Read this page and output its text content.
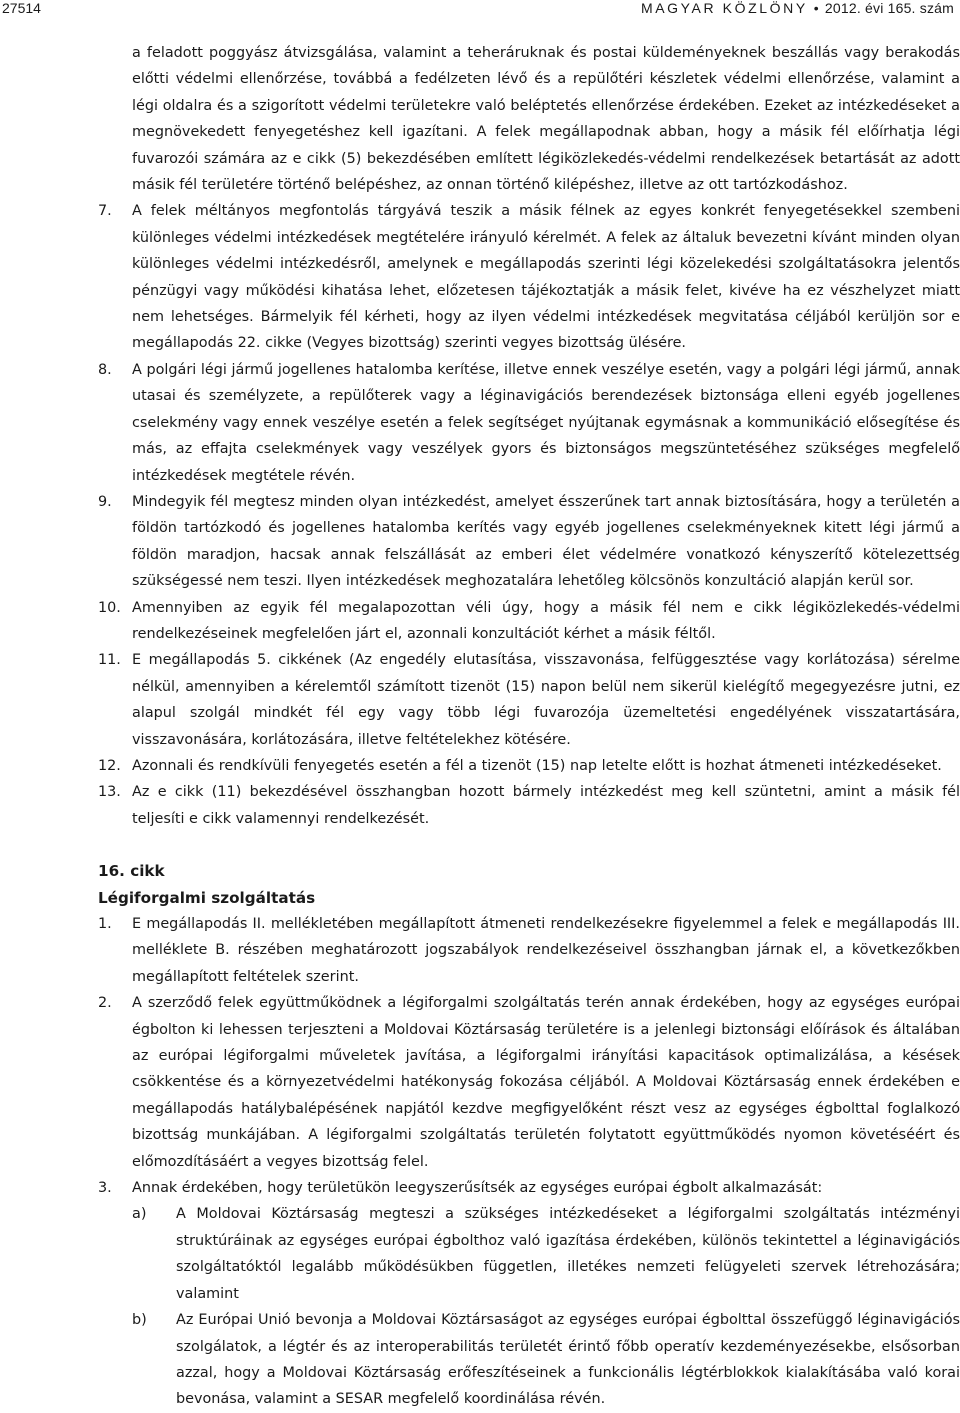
27514	MAGYAR KÖZLÖNY • 2012. évi 165. szám

a feladott poggyász átvizsgálása, valamint a teheráruknak és postai küldeményeknek beszállás vagy berakodás előtti védelmi ellenőrzése, továbbá a fedélzeten lévő és a repülőtéri készletek védelmi ellenőrzése, valamint a légi oldalra és a szigorított védelmi területekre való beléptetés ellenőrzése érdekében. Ezeket az intézkedéseket a megnövekedett fenyegetéshez kell igazítani. A felek megállapodnak abban, hogy a másik fél előírhatja légi fuvarozói számára az e cikk (5) bekezdésében említett légiközlekedés-védelmi rendelkezések betartását az adott másik fél területére történő belépéshez, az onnan történő kilépéshez, illetve az ott tartózkodáshoz.

7.	A felek méltányos megfontolás tárgyává teszik a másik félnek az egyes konkrét fenyegetésekkel szembeni különleges védelmi intézkedések megtételére irányuló kérelmét. A felek az általuk bevezetni kívánt minden olyan különleges védelmi intézkedésről, amelynek e megállapodás szerinti légi közelekedési szolgáltatásokra jelentős pénzügyi vagy működési kihatása lehet, előzetesen tájékoztatják a másik felet, kivéve ha ez vészhelyzet miatt nem lehetséges. Bármelyik fél kérheti, hogy az ilyen védelmi intézkedések megvitatása céljából kerüljön sor e megállapodás 22. cikke (Vegyes bizottság) szerinti vegyes bizottság ülésére.

8.	A polgári légi jármű jogellenes hatalomba kerítése, illetve ennek veszélye esetén, vagy a polgári légi jármű, annak utasai és személyzete, a repülőterek vagy a léginavigációs berendezések biztonsága elleni egyéb jogellenes cselekmény vagy ennek veszélye esetén a felek segítséget nyújtanak egymásnak a kommunikáció elősegítése és más, az effajta cselekmények vagy veszélyek gyors és biztonságos megszüntetéséhez szükséges megfelelő intézkedések megtétele révén.

9.	Mindegyik fél megtesz minden olyan intézkedést, amelyet ésszerűnek tart annak biztosítására, hogy a területén a földön tartózkodó és jogellenes hatalomba kerítés vagy egyéb jogellenes cselekményeknek kitett légi jármű a földön maradjon, hacsak annak felszállását az emberi élet védelmére vonatkozó kényszerítő kötelezettség szükségessé nem teszi. Ilyen intézkedések meghozatalára lehetőleg kölcsönös konzultáció alapján kerül sor.

10. Amennyiben az egyik fél megalapozottan véli úgy, hogy a másik fél nem e cikk légiközlekedés-védelmi rendelkezéseinek megfelelően járt el, azonnali konzultációt kérhet a másik féltől.

11. E megállapodás 5. cikkének (Az engedély elutasítása, visszavonása, felfüggesztése vagy korlátozása) sérelme nélkül, amennyiben a kérelemtől számított tizenöt (15) napon belül nem sikerül kielégítő megegyezésre jutni, ez alapul szolgál mindkét fél egy vagy több légi fuvarozója üzemeltetési engedélyének visszatartására, visszavonására, korlátozására, illetve feltételekhez kötésére.

12. Azonnali és rendkívüli fenyegetés esetén a fél a tizenöt (15) nap letelte előtt is hozhat átmeneti intézkedéseket.

13. Az e cikk (11) bekezdésével összhangban hozott bármely intézkedést meg kell szüntetni, amint a másik fél teljesíti e cikk valamennyi rendelkezését.

16. cikk

Légiforgalmi szolgáltatás

1.	E megállapodás II. mellékletében megállapított átmeneti rendelkezésekre figyelemmel a felek e megállapodás III. melléklete B. részében meghatározott jogszabályok rendelkezéseivel összhangban járnak el, a következőkben megállapított feltételek szerint.

2.	A szerződő felek együttműködnek a légiforgalmi szolgáltatás terén annak érdekében, hogy az egységes európai égbolton ki lehessen terjeszteni a Moldovai Köztársaság területére is a jelenlegi biztonsági előírások és általában az európai légiforgalmi műveletek javítása, a légiforgalmi irányítási kapacitások optimalizálása, a késések csökkentése és a környezetvédelmi hatékonyság fokozása céljából. A Moldovai Köztársaság ennek érdekében e megállapodás hatálybalépésének napjától kezdve megfigyelőként részt vesz az egységes égbolttal foglalkozó bizottság munkájában. A légiforgalmi szolgáltatás területén folytatott együttműködés nyomon követéséért és előmozdításáért a vegyes bizottság felel.

3.	Annak érdekében, hogy területükön leegyszerűsítsék az egységes európai égbolt alkalmazását:

a)	A Moldovai Köztársaság megteszi a szükséges intézkedéseket a légiforgalmi szolgáltatás intézményi struktúráinak az egységes európai égbolthoz való igazítása érdekében, különös tekintettel a léginavigációs szolgáltatóktól legalább működésükben független, illetékes nemzeti felügyeleti szervek létrehozására; valamint

b)	Az Európai Unió bevonja a Moldovai Köztársaságot az egységes európai égbolttal összefüggő léginavigációs szolgálatok, a légtér és az interoperabilitás területét érintő főbb operatív kezdeményezésekbe, elsősorban azzal, hogy a Moldovai Köztársaság erőfeszítéseinek a funkcionális légtérblokkok kialakításába való korai bevonása, valamint a SESAR megfelelő koordinálása révén.
